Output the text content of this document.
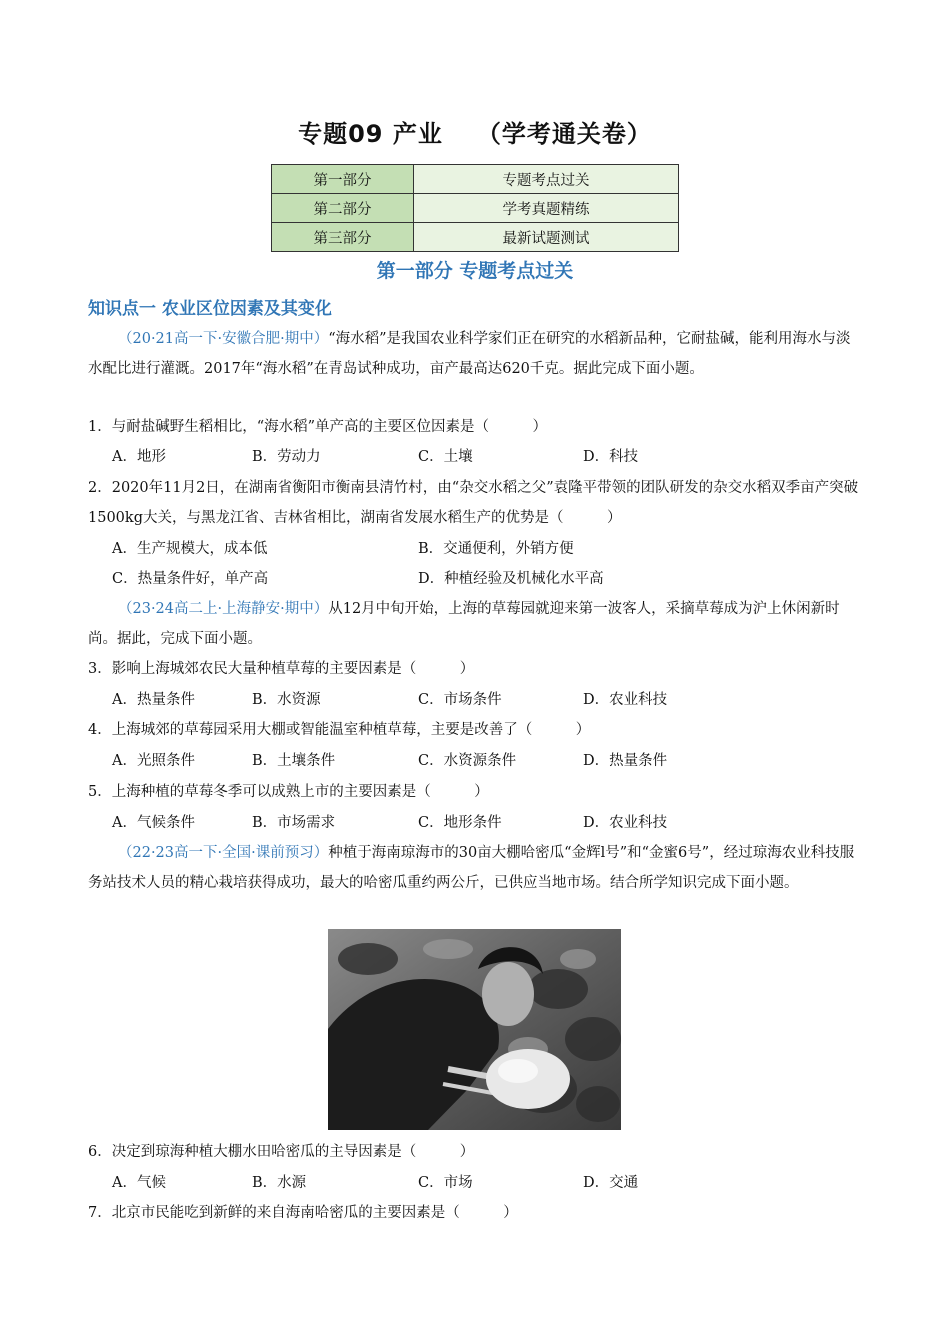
专题09 产业 （学考通关卷）
第一部分	专题考点过关
第二部分	学考真题精练
第三部分	最新试题测试
第一部分 专题考点过关
知识点一 农业区位因素及其变化
（20·21高一下·安徽合肥·期中）“海水稻”是我国农业科学家们正在研究的水稻新品种，它耐盐碱，能利用海水与淡水配比进行灌溉。2017年“海水稻”在青岛试种成功，亩产最高达620千克。据此完成下面小题。
1．与耐盐碱野生稻相比，“海水稻”单产高的主要区位因素是（　　　）
A．地形	B．劳动力	C．土壤	D．科技
2．2020年11月2日，在湖南省衡阳市衡南县清竹村，由“杂交水稻之父”袁隆平带领的团队研发的杂交水稻双季亩产突破1500kg大关，与黑龙江省、吉林省相比，湖南省发展水稻生产的优势是（　　　）
A．生产规模大，成本低	B．交通便利，外销方便
C．热量条件好，单产高	D．种植经验及机械化水平高
（23·24高二上·上海静安·期中）从12月中旬开始，上海的草莓园就迎来第一波客人，采摘草莓成为沪上休闲新时尚。据此，完成下面小题。
3．影响上海城郊农民大量种植草莓的主要因素是（　　　）
A．热量条件	B．水资源	C．市场条件	D．农业科技
4．上海城郊的草莓园采用大棚或智能温室种植草莓，主要是改善了（　　　）
A．光照条件	B．土壤条件	C．水资源条件	D．热量条件
5．上海种植的草莓冬季可以成熟上市的主要因素是（　　　）
A．气候条件	B．市场需求	C．地形条件	D．农业科技
（22·23高一下·全国·课前预习）种植于海南琼海市的30亩大棚哈密瓜“金辉l号”和“金蜜6号”，经过琼海农业科技服务站技术人员的精心栽培获得成功，最大的哈密瓜重约两公斤，已供应当地市场。结合所学知识完成下面小题。
6．决定到琼海种植大棚水田哈密瓜的主导因素是（　　　）
A．气候	B．水源	C．市场	D．交通
7．北京市民能吃到新鲜的来自海南哈密瓜的主要因素是（　　　）
